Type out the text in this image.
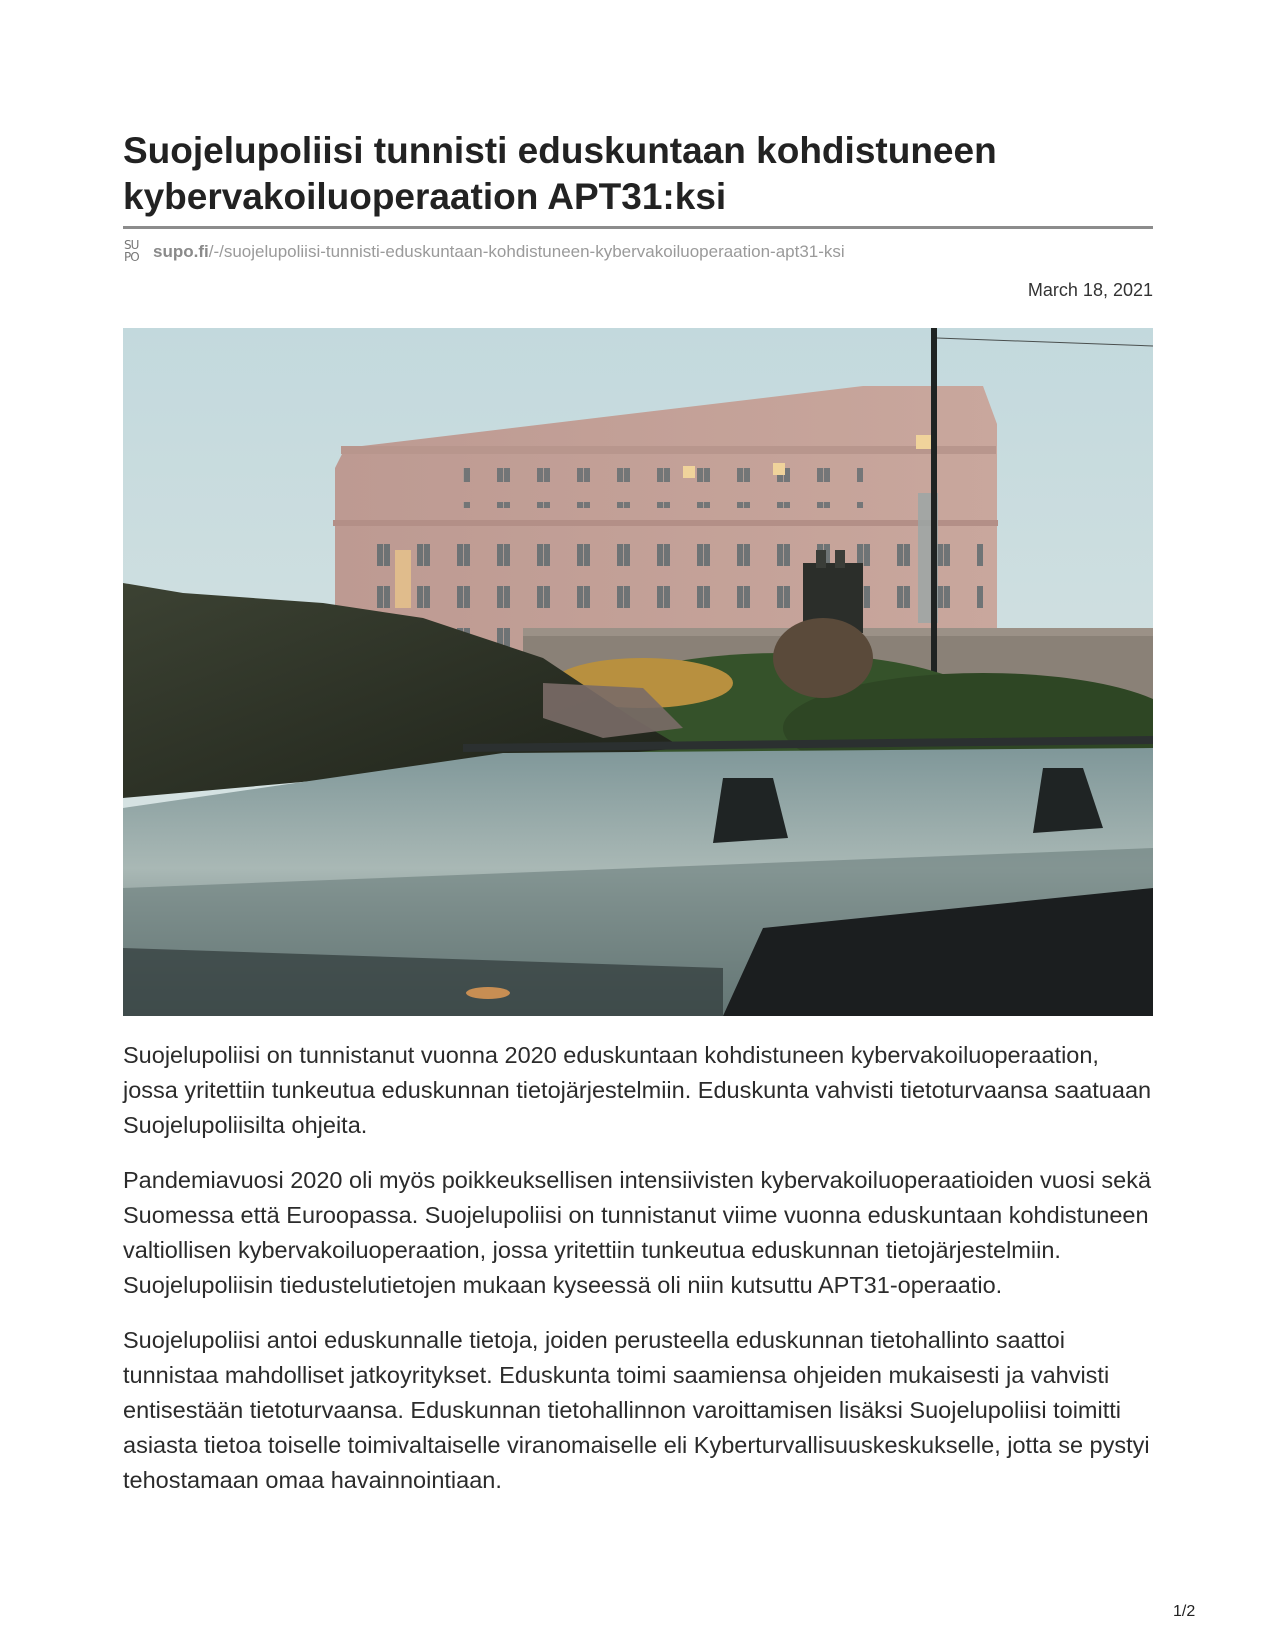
Suojelupoliisi tunnisti eduskuntaan kohdistuneen kybervakoiluoperaation APT31:ksi
SU
PO supo.fi /-/suojelupoliisi-tunnisti-eduskuntaan-kohdistuneen-kybervakoiluoperaation-apt31-ksi
March 18, 2021

Suojelupoliisi on tunnistanut vuonna 2020 eduskuntaan kohdistuneen kybervakoiluoperaation, jossa yritettiin tunkeutua eduskunnan tietojärjestelmiin. Eduskunta vahvisti tietoturvaansa saatuaan Suojelupoliisilta ohjeita.

Pandemiavuosi 2020 oli myös poikkeuksellisen intensiivisten kybervakoiluoperaatioiden vuosi sekä Suomessa että Euroopassa. Suojelupoliisi on tunnistanut viime vuonna eduskuntaan kohdistuneen valtiollisen kybervakoiluoperaation, jossa yritettiin tunkeutua eduskunnan tietojärjestelmiin. Suojelupoliisin tiedustelutietojen mukaan kyseessä oli niin kutsuttu APT31-operaatio.

Suojelupoliisi antoi eduskunnalle tietoja, joiden perusteella eduskunnan tietohallinto saattoi tunnistaa mahdolliset jatkoyritykset. Eduskunta toimi saamiensa ohjeiden mukaisesti ja vahvisti entisestään tietoturvaansa. Eduskunnan tietohallinnon varoittamisen lisäksi Suojelupoliisi toimitti asiasta tietoa toiselle toimivaltaiselle viranomaiselle eli Kyberturvallisuuskeskukselle, jotta se pystyi tehostamaan omaa havainnointiaan.

1/2
